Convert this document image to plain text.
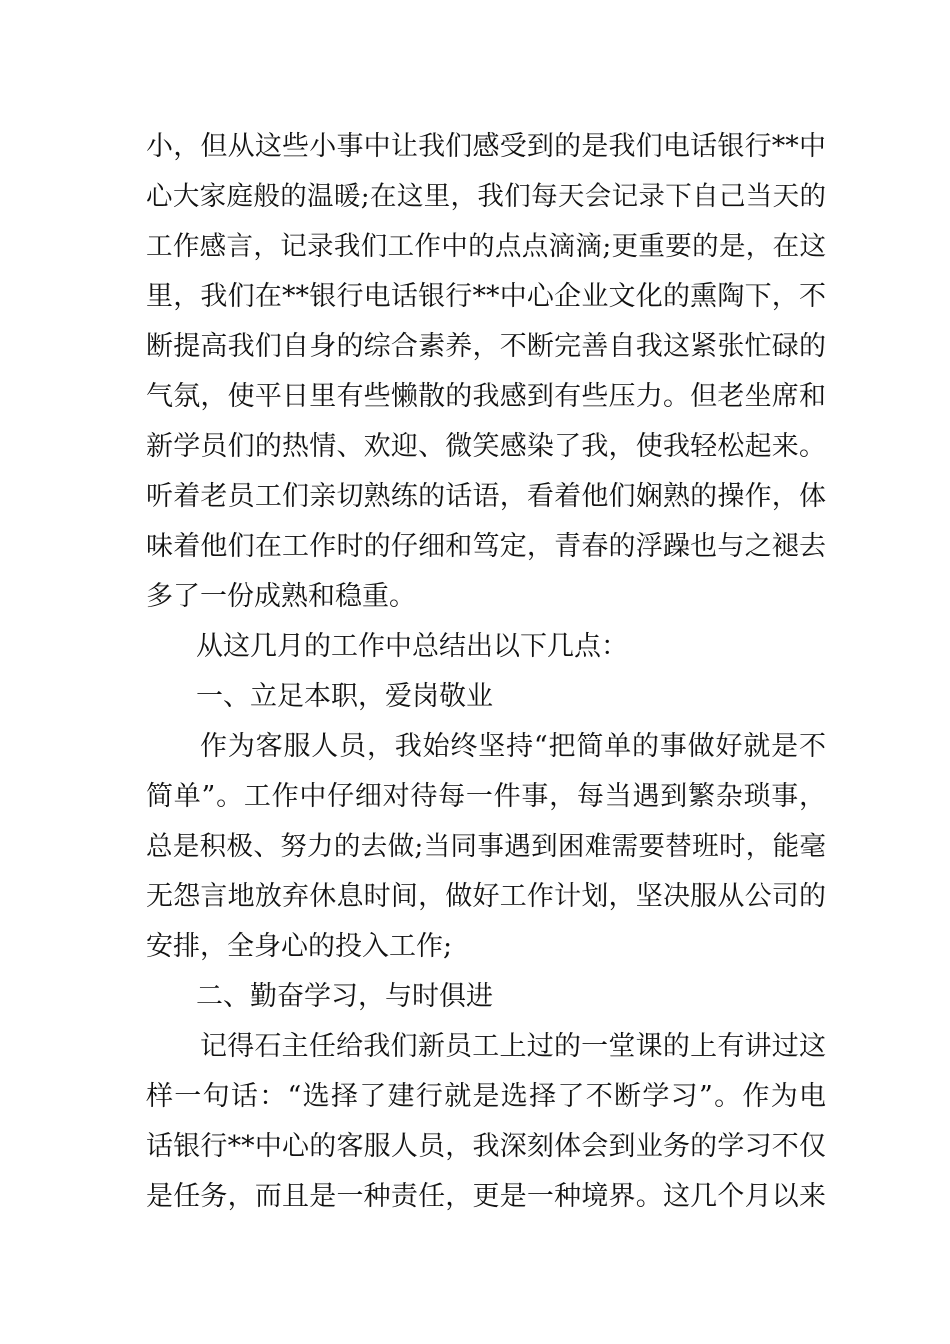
小，但从这些小事中让我们感受到的是我们电话银行**中
心大家庭般的温暖;在这里，我们每天会记录下自己当天的
工作感言，记录我们工作中的点点滴滴;更重要的是，在这
里，我们在**银行电话银行**中心企业文化的熏陶下，不
断提高我们自身的综合素养，不断完善自我这紧张忙碌的
气氛，使平日里有些懒散的我感到有些压力。但老坐席和
新学员们的热情、欢迎、微笑感染了我，使我轻松起来。
听着老员工们亲切熟练的话语，看着他们娴熟的操作，体
味着他们在工作时的仔细和笃定，青春的浮躁也与之褪去
多了一份成熟和稳重。
从这几月的工作中总结出以下几点：
一、立足本职，爱岗敬业
作为客服人员，我始终坚持“把简单的事做好就是不
简单”。工作中仔细对待每一件事，每当遇到繁杂琐事，
总是积极、努力的去做;当同事遇到困难需要替班时，能毫
无怨言地放弃休息时间，做好工作计划，坚决服从公司的
安排，全身心的投入工作;
二、勤奋学习，与时俱进
记得石主任给我们新员工上过的一堂课的上有讲过这
样一句话：“选择了建行就是选择了不断学习”。作为电
话银行**中心的客服人员，我深刻体会到业务的学习不仅
是任务，而且是一种责任，更是一种境界。这几个月以来
